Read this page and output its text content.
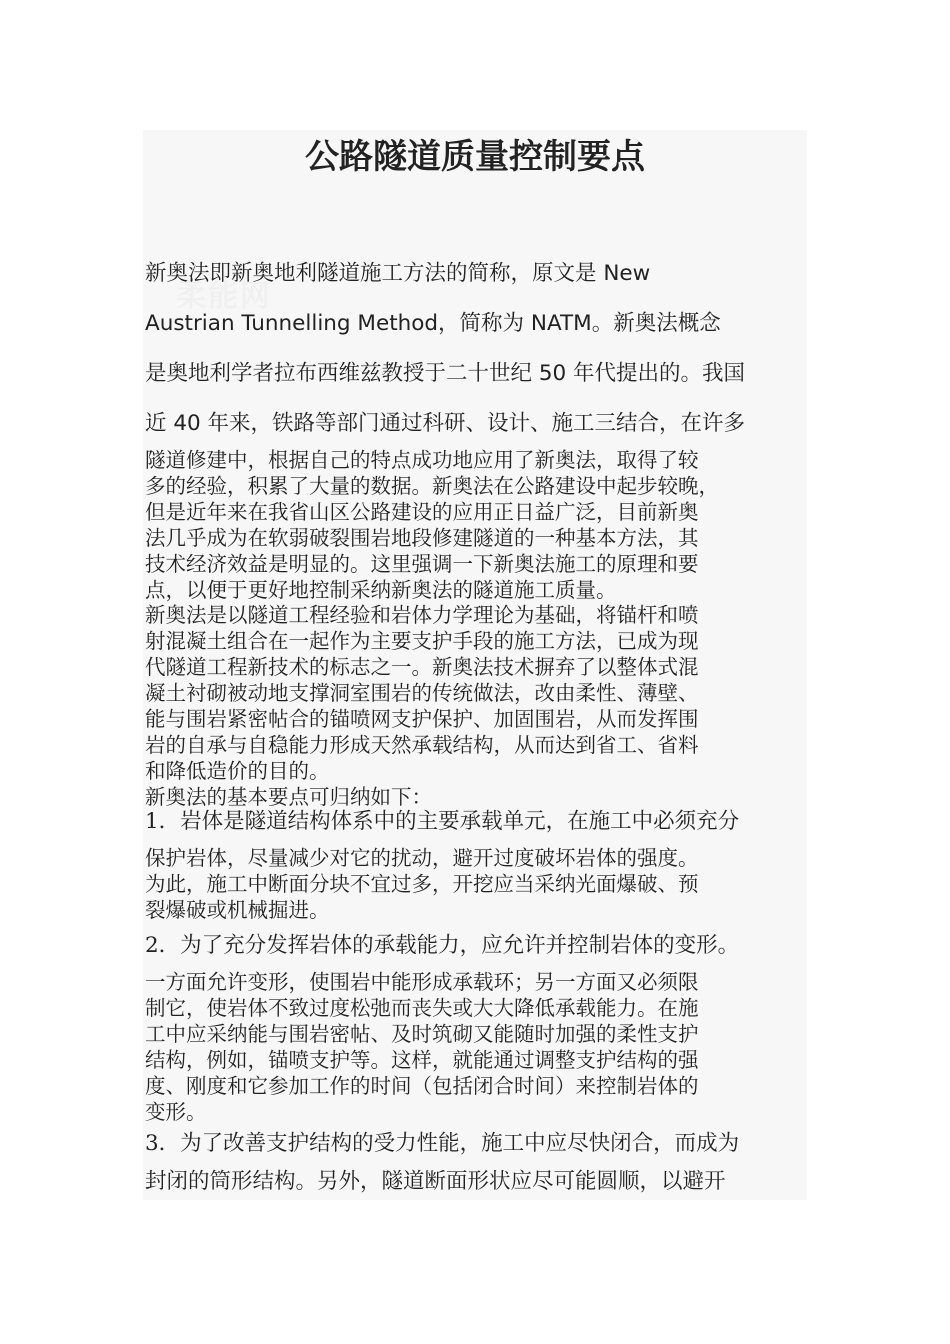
公路隧道质量控制要点
柔能网

新奥法即新奥地利隧道施工方法的简称，原文是 New

Austrian Tunnelling Method，简称为 NATM。新奥法概念

是奥地利学者拉布西维兹教授于二十世纪 50 年代提出的。我国

近 40 年来，铁路等部门通过科研、设计、施工三结合，在许多

隧道修建中，根据自己的特点成功地应用了新奥法，取得了较
多的经验，积累了大量的数据。新奥法在公路建设中起步较晚，
但是近年来在我省山区公路建设的应用正日益广泛，目前新奥
法几乎成为在软弱破裂围岩地段修建隧道的一种基本方法，其
技术经济效益是明显的。这里强调一下新奥法施工的原理和要
点，以便于更好地控制采纳新奥法的隧道施工质量。
新奥法是以隧道工程经验和岩体力学理论为基础，将锚杆和喷
射混凝土组合在一起作为主要支护手段的施工方法，已成为现
代隧道工程新技术的标志之一。新奥法技术摒弃了以整体式混
凝土衬砌被动地支撑洞室围岩的传统做法，改由柔性、薄壁、
能与围岩紧密帖合的锚喷网支护保护、加固围岩，从而发挥围
岩的自承与自稳能力形成天然承载结构，从而达到省工、省料
和降低造价的目的。
新奥法的基本要点可归纳如下：

1．岩体是隧道结构体系中的主要承载单元，在施工中必须充分

保护岩体，尽量减少对它的扰动，避开过度破坏岩体的强度。
为此，施工中断面分块不宜过多，开挖应当采纳光面爆破、预
裂爆破或机械掘进。

2．为了充分发挥岩体的承载能力，应允许并控制岩体的变形。

一方面允许变形，使围岩中能形成承载环；另一方面又必须限
制它，使岩体不致过度松弛而丧失或大大降低承载能力。在施
工中应采纳能与围岩密帖、及时筑砌又能随时加强的柔性支护
结构，例如，锚喷支护等。这样，就能通过调整支护结构的强
度、刚度和它参加工作的时间（包括闭合时间）来控制岩体的
变形。

3．为了改善支护结构的受力性能，施工中应尽快闭合，而成为

封闭的筒形结构。另外，隧道断面形状应尽可能圆顺，以避开
